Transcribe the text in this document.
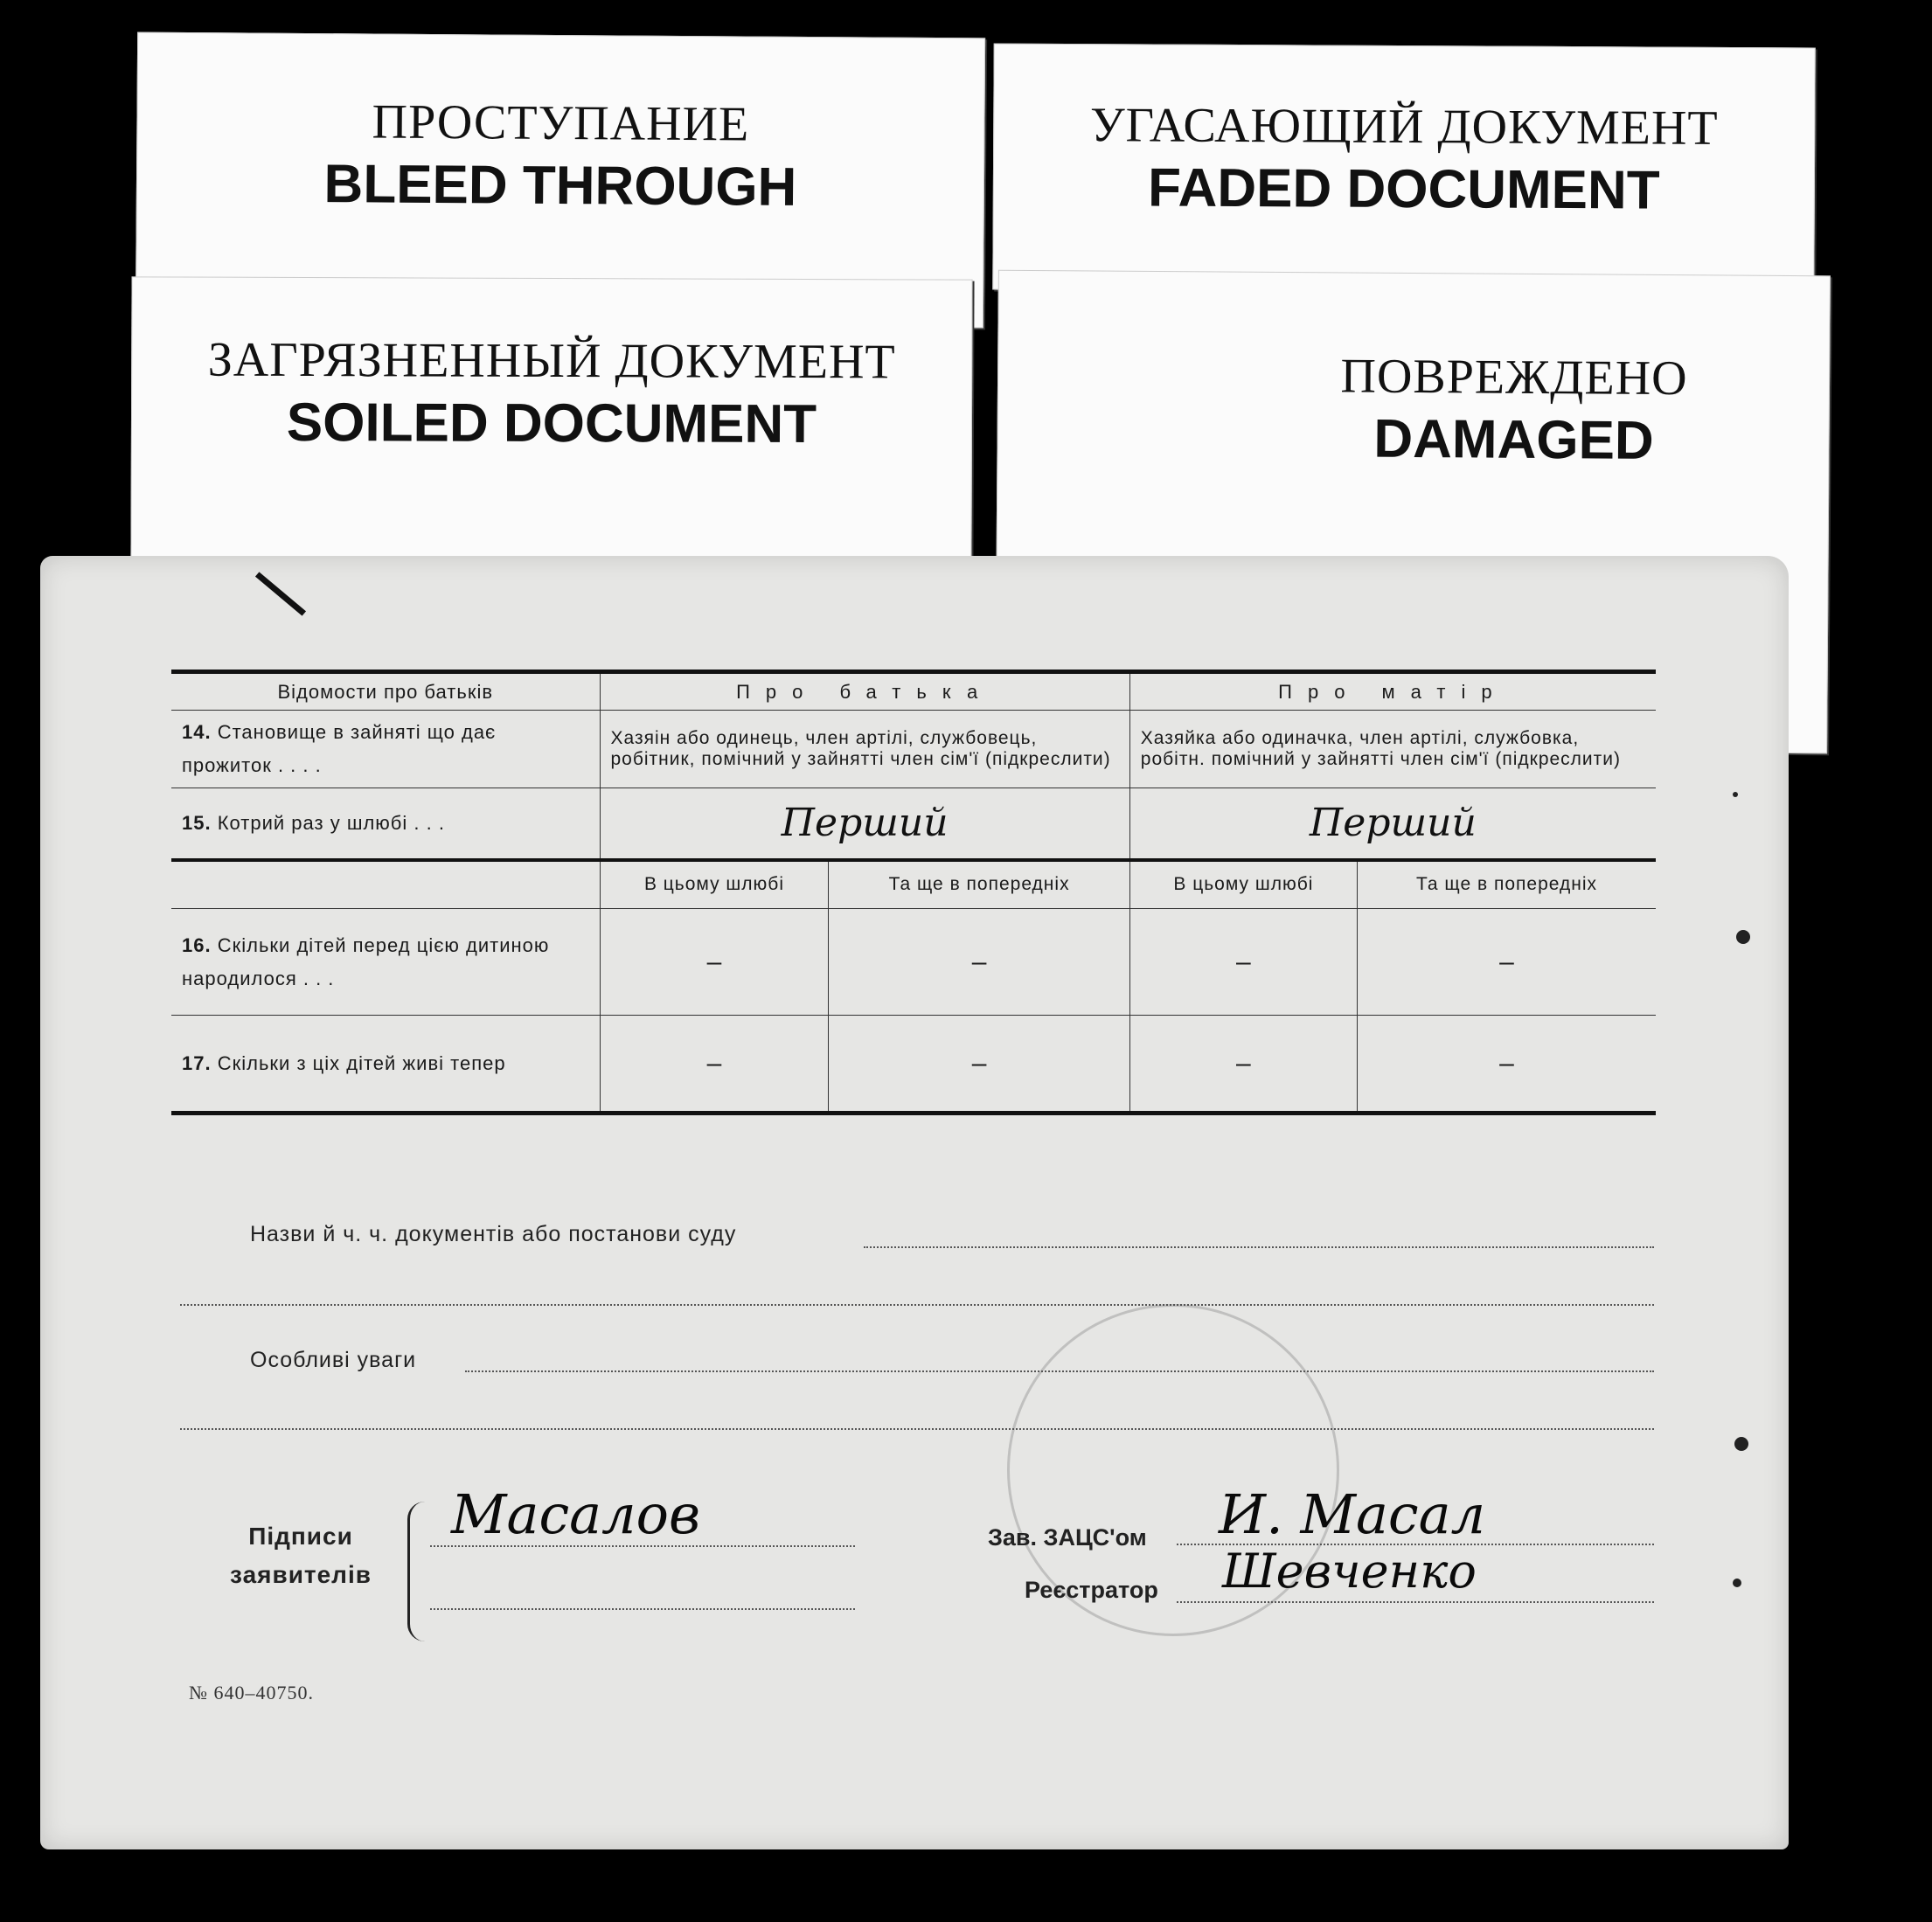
ПРОСТУПАНИЕ
BLEED THROUGH
УГАСАЮЩИЙ ДОКУМЕНТ
FADED DOCUMENT
ПОВРЕЖДЕНО
DAMAGED
ЗАГРЯЗНЕННЫЙ ДОКУМЕНТ
SOILED DOCUMENT
Відомости про батьків	Про батька		Про матір	
14. Становище в зайняті що дає прожиток . . . .	Хазяін або одинець, член артілі, службовець, робітник, помічний у зайнятті член сім'ї (підкреслити)		Хазяйка або одиначка, член артілі, службовка, робітн. помічний у зайнятті член сім'ї (підкреслити)	
15. Котрий раз у шлюбі . . .	Перший		Перший	
	В цьому шлюбі	Та ще в попередніх	В цьому шлюбі	Та ще в попередніх
16. Скільки дітей перед цією дитиною народилося . . .	–	–	–	–
17. Скільки з ціх дітей живі тепер	–	–	–	–
Назви й ч. ч. документів або постанови суду
Особливі уваги
Підписи
заявителів
Масалов	Зав. ЗАЦС'ом И. Масал
Реєстратор Шевченко
№ 640–40750.
